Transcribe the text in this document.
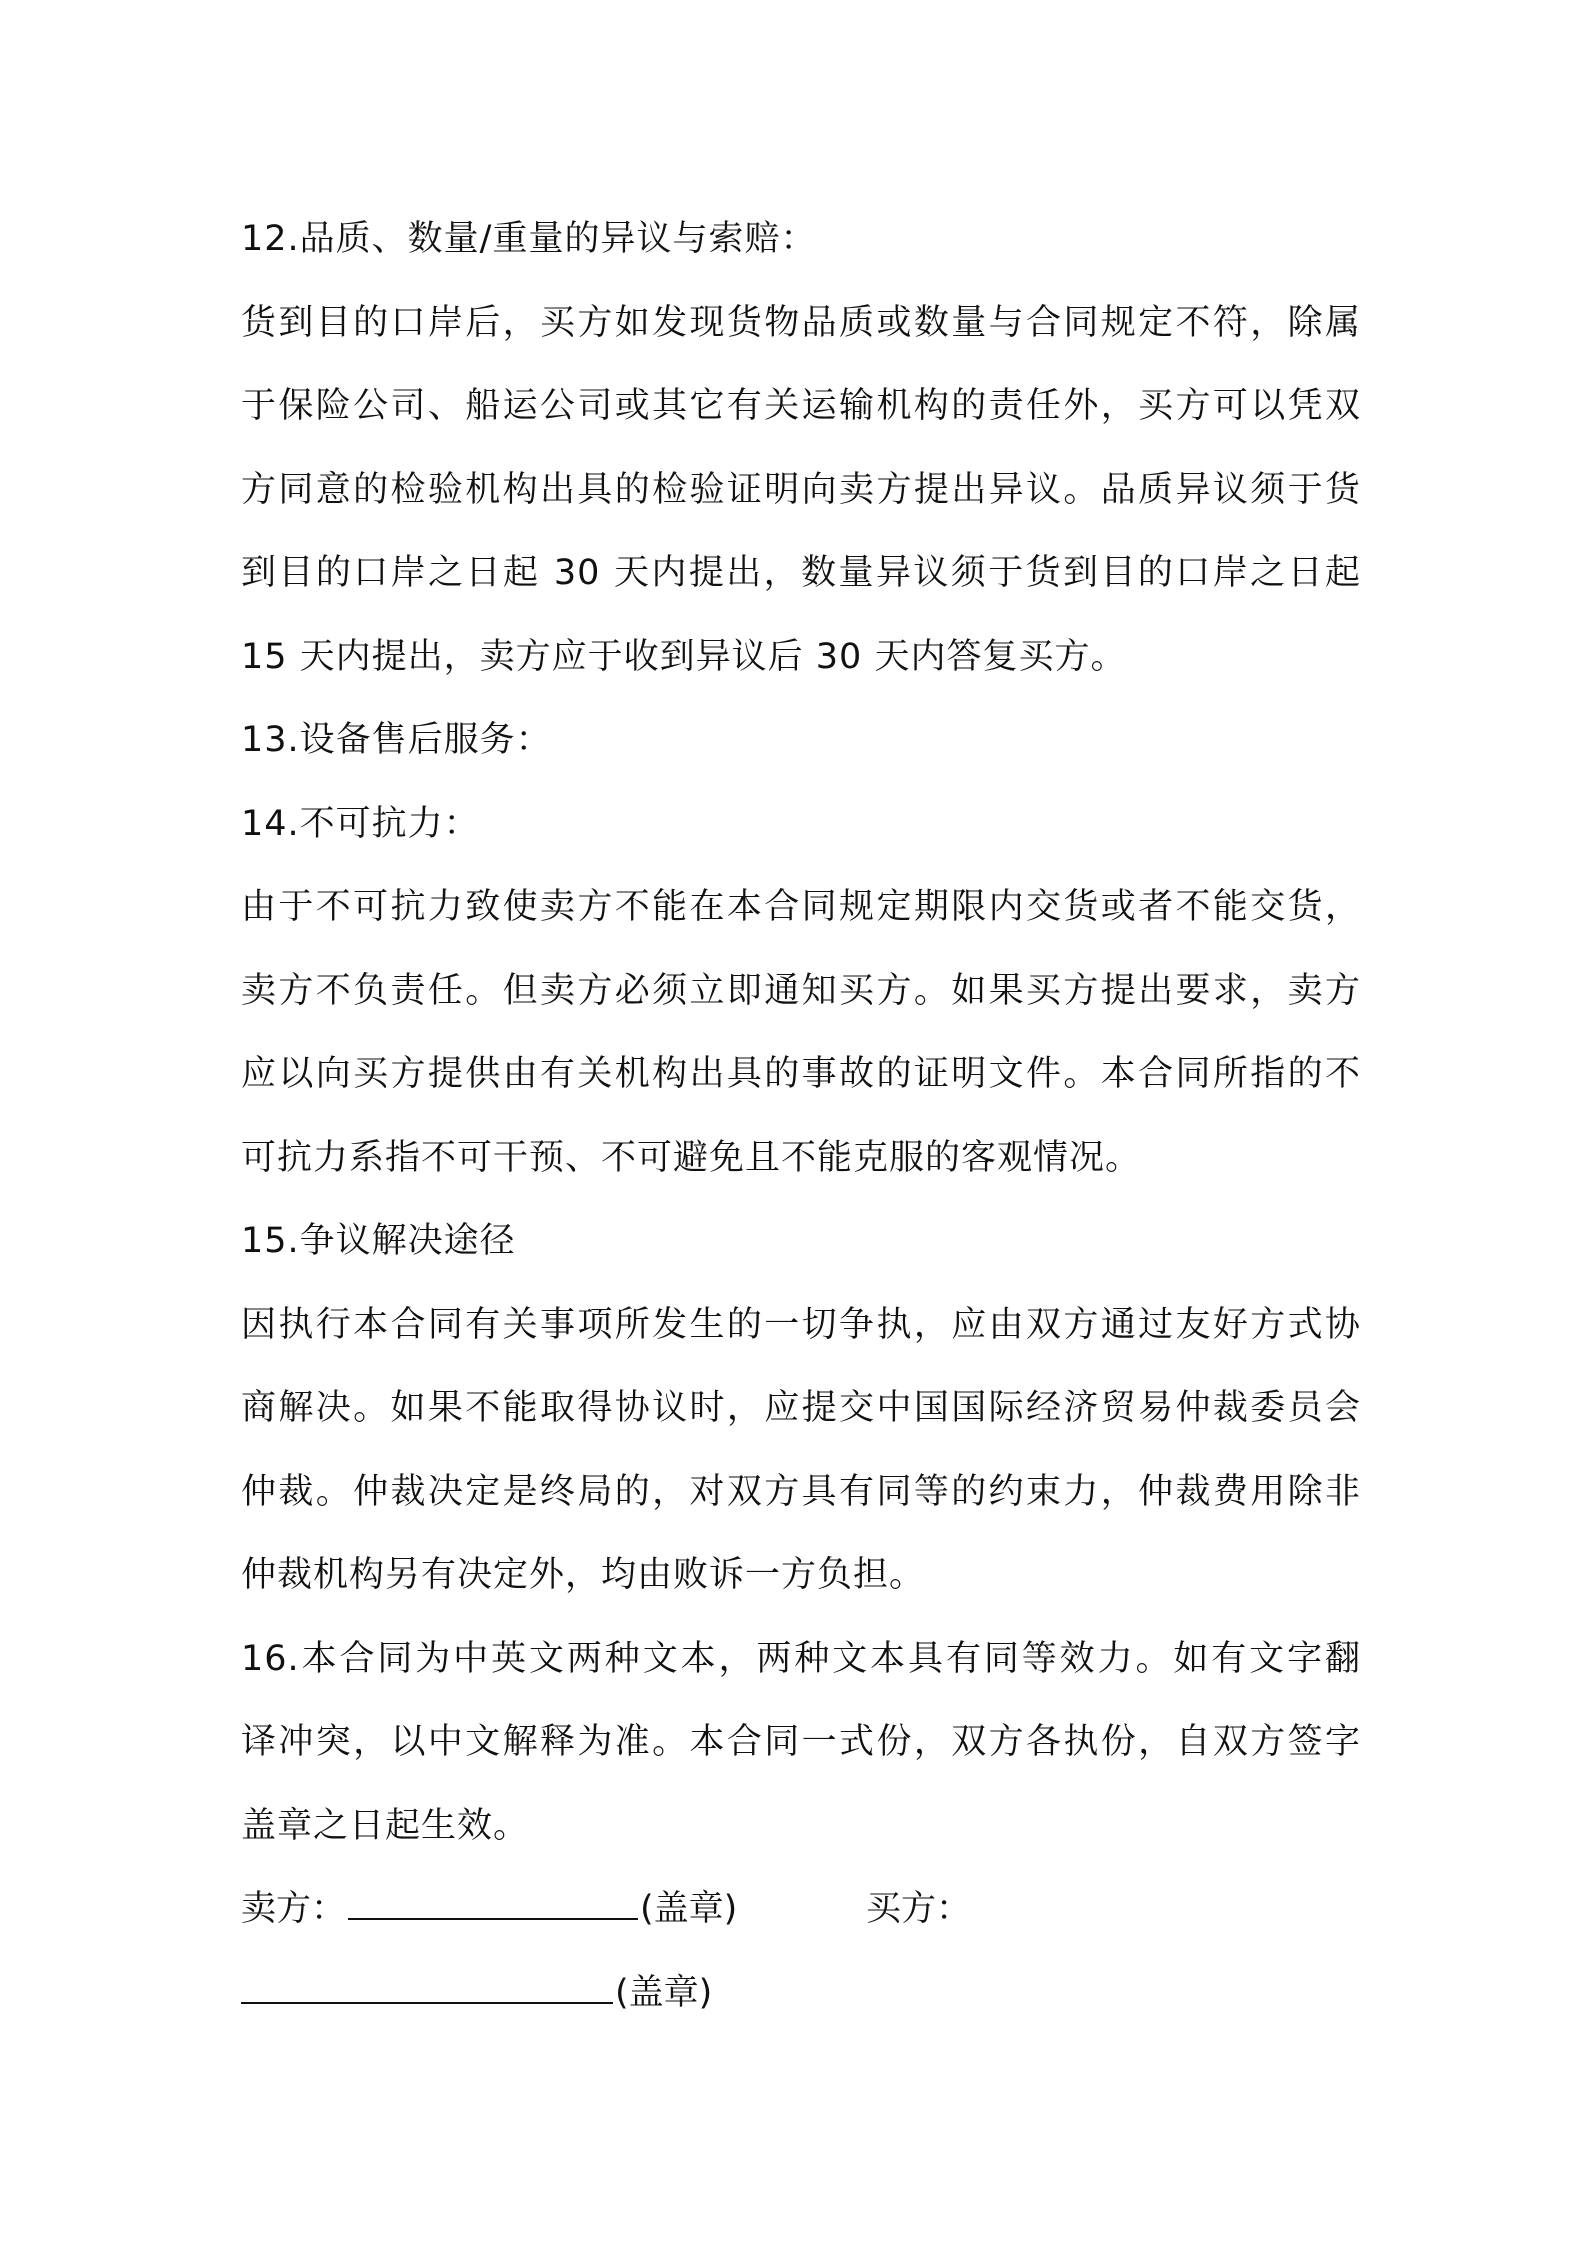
12.品质、数量/重量的异议与索赔：
货到目的口岸后，买方如发现货物品质或数量与合同规定不符，除属
于保险公司、船运公司或其它有关运输机构的责任外，买方可以凭双
方同意的检验机构出具的检验证明向卖方提出异议。品质异议须于货
到目的口岸之日起 30 天内提出，数量异议须于货到目的口岸之日起
15 天内提出，卖方应于收到异议后 30 天内答复买方。
13.设备售后服务：
14.不可抗力：
由于不可抗力致使卖方不能在本合同规定期限内交货或者不能交货，
卖方不负责任。但卖方必须立即通知买方。如果买方提出要求，卖方
应以向买方提供由有关机构出具的事故的证明文件。本合同所指的不
可抗力系指不可干预、不可避免且不能克服的客观情况。
15.争议解决途径
因执行本合同有关事项所发生的一切争执，应由双方通过友好方式协
商解决。如果不能取得协议时，应提交中国国际经济贸易仲裁委员会
仲裁。仲裁决定是终局的，对双方具有同等的约束力，仲裁费用除非
仲裁机构另有决定外，均由败诉一方负担。
16.本合同为中英文两种文本，两种文本具有同等效力。如有文字翻
译冲突，以中文解释为准。本合同一式份，双方各执份，自双方签字
盖章之日起生效。
卖方：	(盖章)	买方：
(盖章)
